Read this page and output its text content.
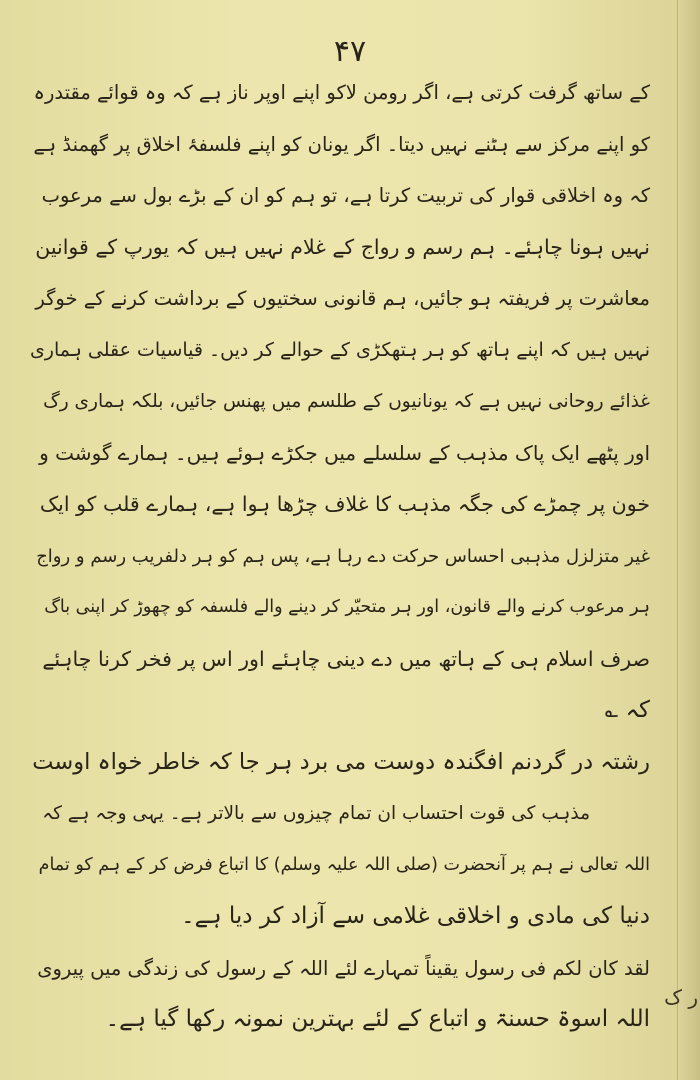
ر ک
۴۷
کے ساتھ گرفت کرتی ہے، اگر رومن لاکو اپنے اوپر ناز ہے کہ وہ قوائے مقتدرہ
کو اپنے مرکز سے ہٹنے نہیں دیتا۔ اگر یونان کو اپنے فلسفۂ اخلاق پر گھمنڈ ہے
کہ وہ اخلاقی قوار کی تربیت کرتا ہے، تو ہم کو ان کے بڑے بول سے مرعوب
نہیں ہونا چاہئے۔ ہم رسم و رواج کے غلام نہیں ہیں کہ یورپ کے قوانین
معاشرت پر فریفتہ ہو جائیں، ہم قانونی سختیوں کے برداشت کرنے کے خوگر
نہیں ہیں کہ اپنے ہاتھ کو ہر ہتھکڑی کے حوالے کر دیں۔ قیاسیات عقلی ہماری
غذائے روحانی نہیں ہے کہ یونانیوں کے طلسم میں پھنس جائیں، بلکہ ہماری رگ
اور پٹھے ایک پاک مذہب کے سلسلے میں جکڑے ہوئے ہیں۔ ہمارے گوشت و
خون پر چمڑے کی جگہ مذہب کا غلاف چڑھا ہوا ہے، ہمارے قلب کو ایک
غیر متزلزل مذہبی احساس حرکت دے رہا ہے، پس ہم کو ہر دلفریب رسم و رواج
ہر مرعوب کرنے والے قانون، اور ہر متحیّر کر دینے والے فلسفہ کو چھوڑ کر اپنی باگ
صرف اسلام ہی کے ہاتھ میں دے دینی چاہئے اور اس پر فخر کرنا چاہئے
کہ ؎
رشتہ در گردنم افگندہ دوست می برد ہر جا کہ خاطر خواہ اوست
مذہب کی قوت احتساب ان تمام چیزوں سے بالاتر ہے۔ یہی وجہ ہے کہ
اللہ تعالی نے ہم پر آنحضرت (صلی اللہ علیہ وسلم) کا اتباع فرض کر کے ہم کو تمام
دنیا کی مادی و اخلاقی غلامی سے آزاد کر دیا ہے۔
لقد کان لکم فی رسول یقیناً تمہارے لئے اللہ کے رسول کی زندگی میں پیروی
اللہ اسوۃ حسنۃ و اتباع کے لئے بہترین نمونہ رکھا گیا ہے۔
